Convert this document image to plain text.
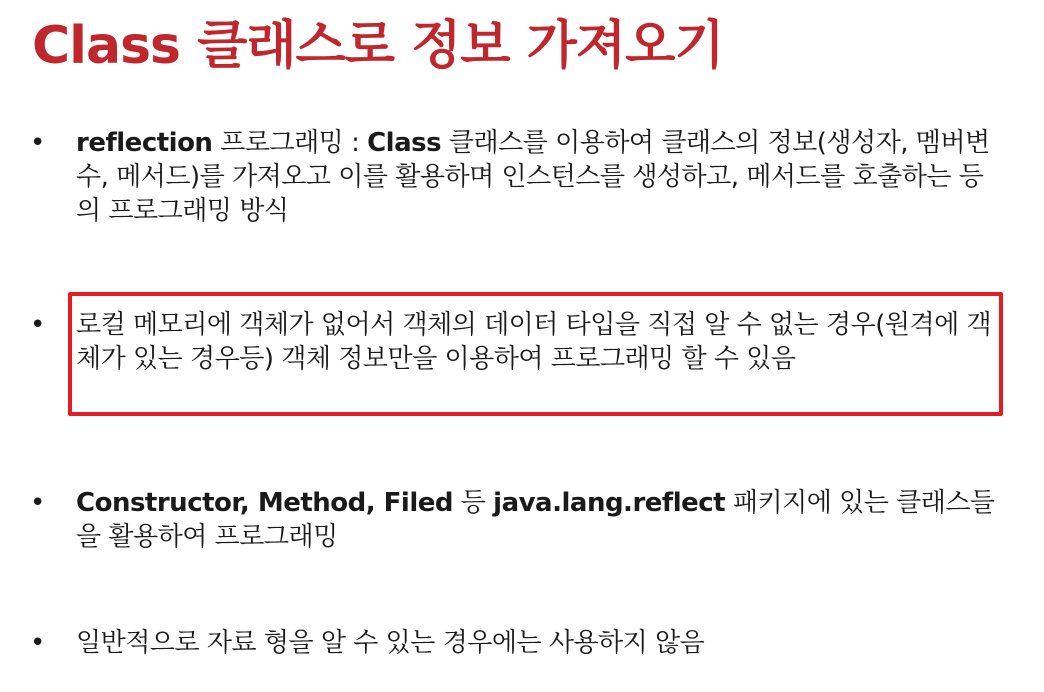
Class 클래스로 정보 가져오기
• reflection 프로그래밍 : Class 클래스를 이용하여 클래스의 정보(생성자, 멤버변수, 메서드)를 가져오고 이를 활용하며 인스턴스를 생성하고, 메서드를 호출하는 등의 프로그래밍 방식
• 로컬 메모리에 객체가 없어서 객체의 데이터 타입을 직접 알 수 없는 경우(원격에 객체가 있는 경우등) 객체 정보만을 이용하여 프로그래밍 할 수 있음
• Constructor, Method, Filed 등 java.lang.reflect 패키지에 있는 클래스들을 활용하여 프로그래밍
• 일반적으로 자료 형을 알 수 있는 경우에는 사용하지 않음
